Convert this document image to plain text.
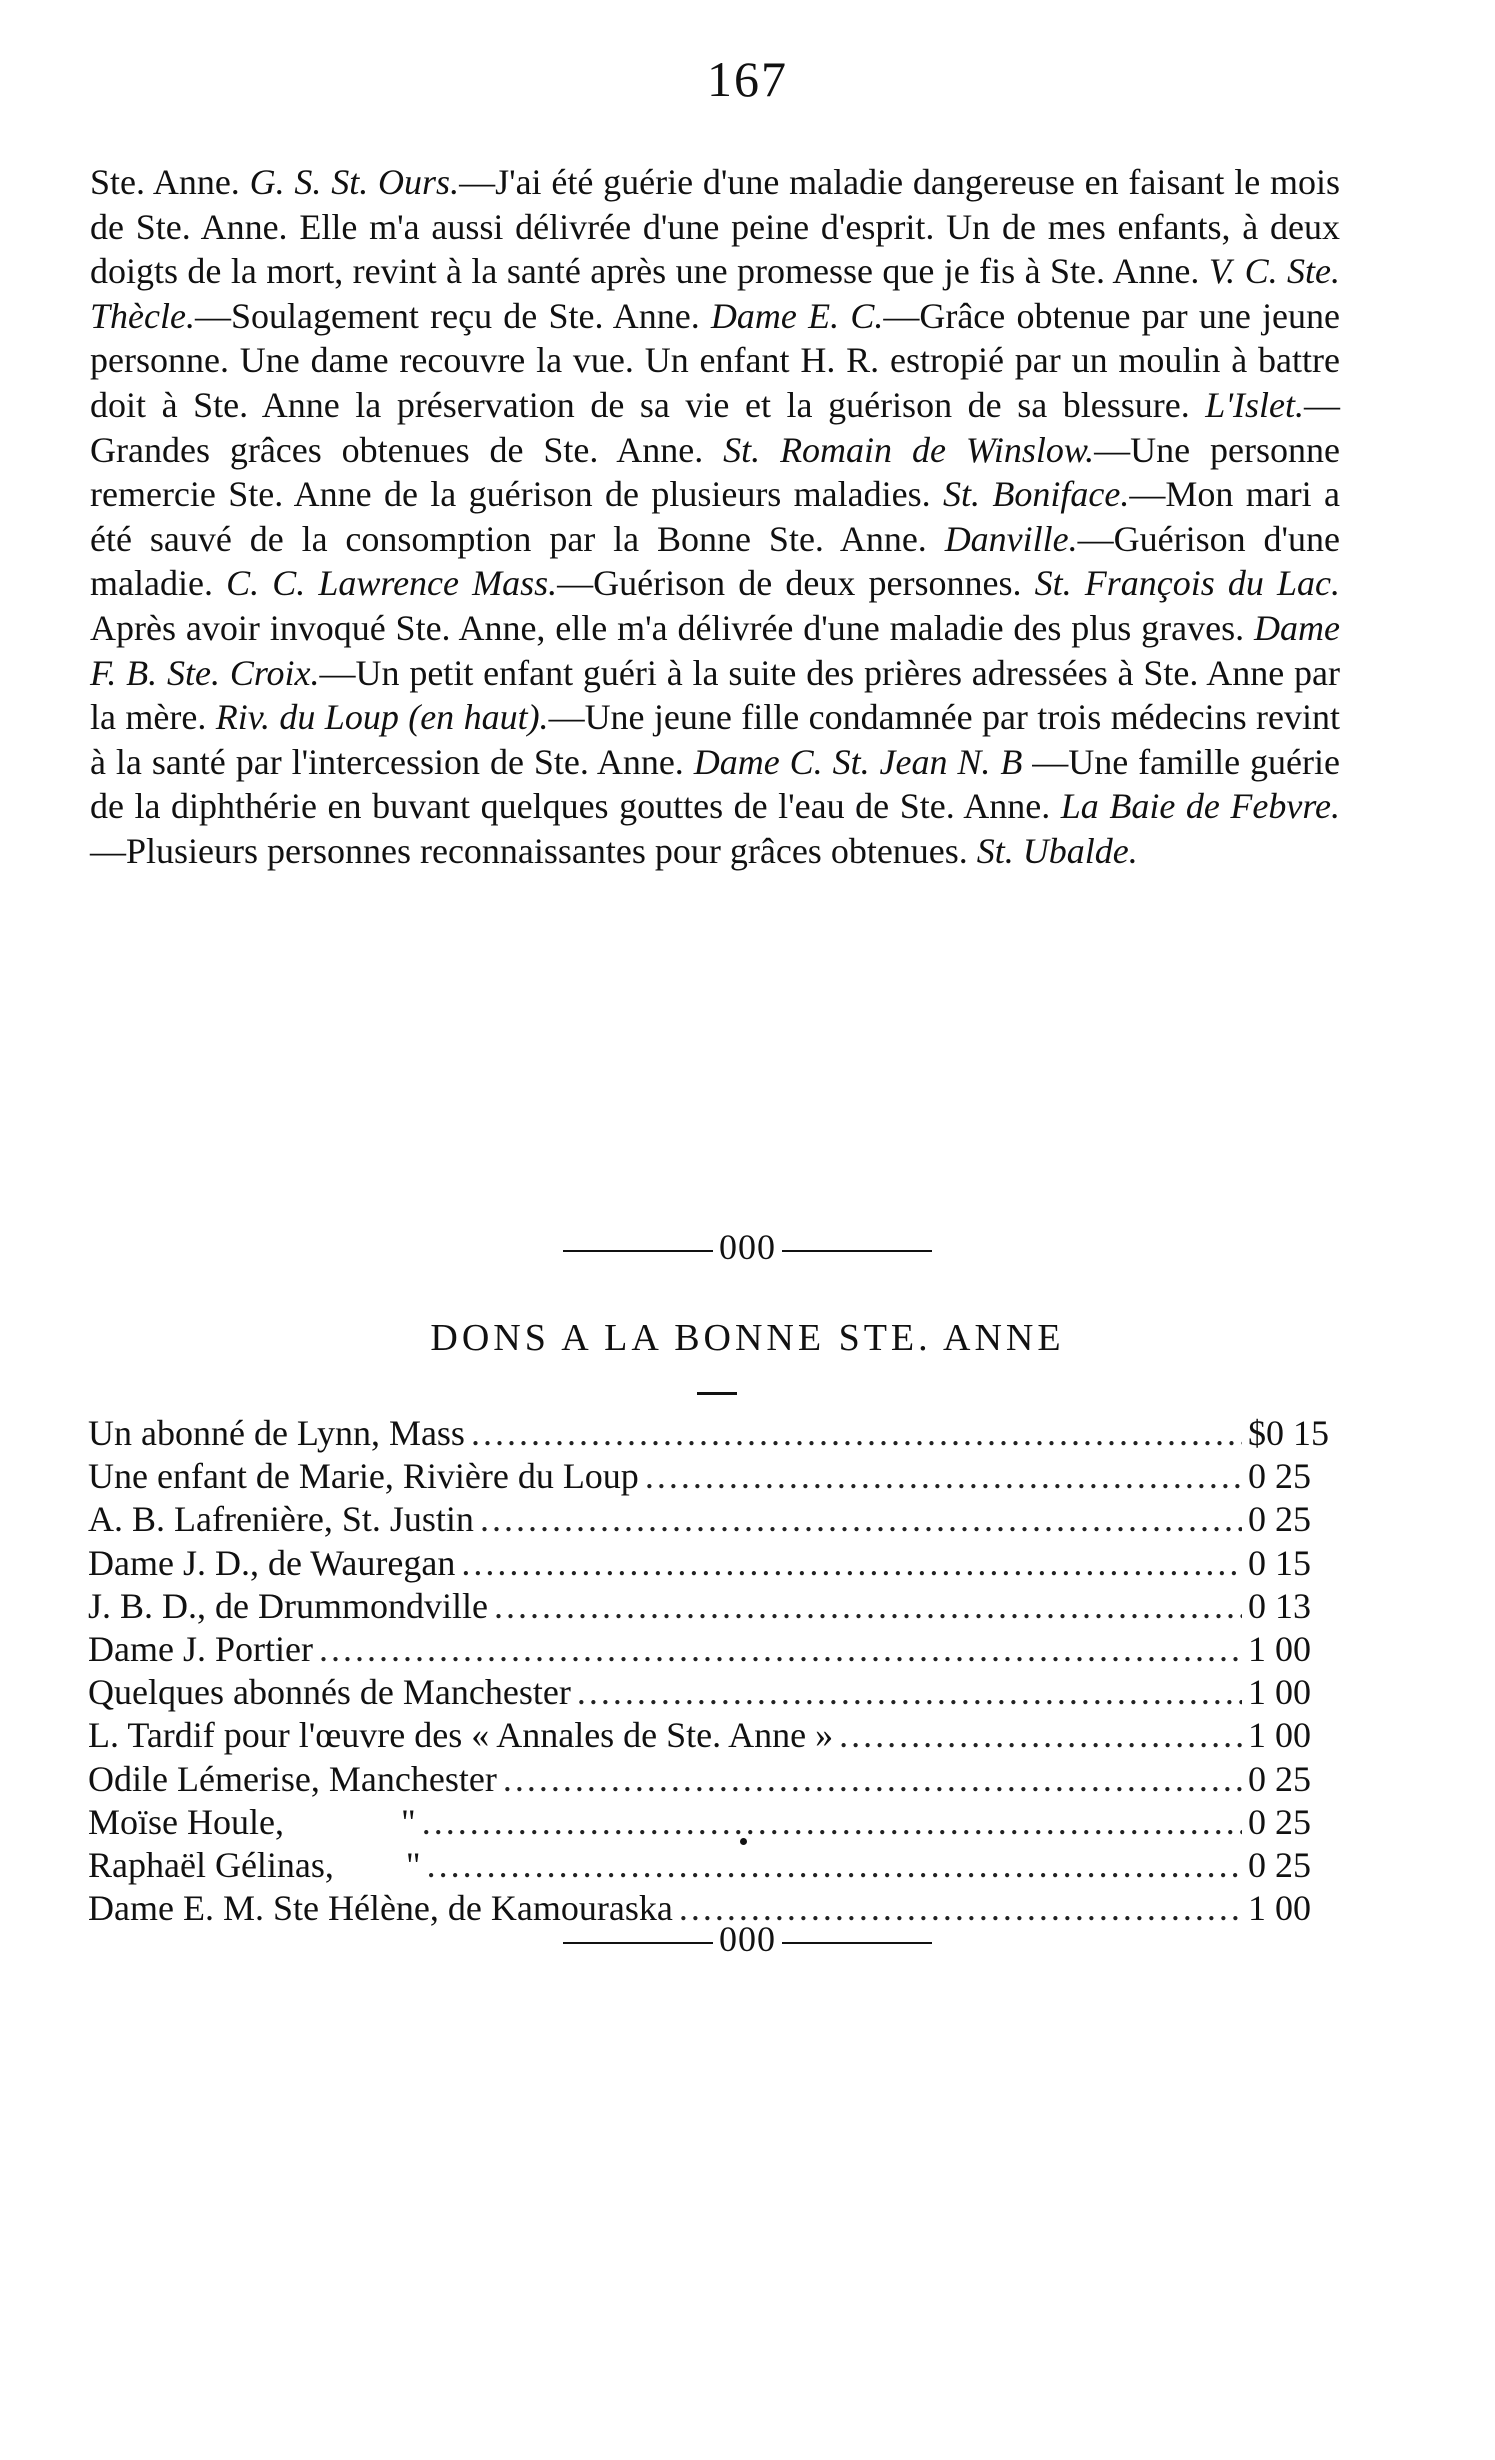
167
Ste. Anne. G. S. St. Ours.—J'ai été guérie d'une maladie dangereuse en faisant le mois de Ste. Anne. Elle m'a aussi délivrée d'une peine d'esprit. Un de mes enfants, à deux doigts de la mort, revint à la santé après une promesse que je fis à Ste. Anne. V. C. Ste. Thècle.—Soulagement reçu de Ste. Anne. Dame E. C.—Grâce obtenue par une jeune personne. Une dame recouvre la vue. Un enfant H. R. estropié par un moulin à battre doit à Ste. Anne la préservation de sa vie et la guérison de sa blessure. L'Islet.—Grandes grâces obtenues de Ste. Anne. St. Romain de Winslow.—Une personne remercie Ste. Anne de la guérison de plusieurs maladies. St. Boniface.—Mon mari a été sauvé de la consomption par la Bonne Ste. Anne. Danville.—Guérison d'une maladie. C. C. Lawrence Mass.—Guérison de deux personnes. St. François du Lac. Après avoir invoqué Ste. Anne, elle m'a délivrée d'une maladie des plus graves. Dame F. B. Ste. Croix.—Un petit enfant guéri à la suite des prières adressées à Ste. Anne par la mère. Riv. du Loup (en haut).—Une jeune fille condamnée par trois médecins revint à la santé par l'intercession de Ste. Anne. Dame C. St. Jean N. B —Une famille guérie de la diphthérie en buvant quelques gouttes de l'eau de Ste. Anne. La Baie de Febvre.—Plusieurs personnes reconnaissantes pour grâces obtenues. St. Ubalde.
000
DONS A LA BONNE STE. ANNE
Un abonné de Lynn, Mass .....	$0 15
Une enfant de Marie, Rivière du Loup .....	0 25
A. B. Lafrenière, St. Justin .....	0 25
Dame J. D., de Wauregan .....	0 15
J. B. D., de Drummondville .....	0 13
Dame J. Portier .....	1 00
Quelques abonnés de Manchester .....	1 00
L. Tardif pour l'œuvre des « Annales de Ste. Anne » .....	1 00
Odile Lémerise, Manchester .....	0 25
Moïse Houle,             " .....	0 25
Raphaël Gélinas,        " .....	0 25
Dame E. M. Ste Hélène, de Kamouraska .....	1 00
000
